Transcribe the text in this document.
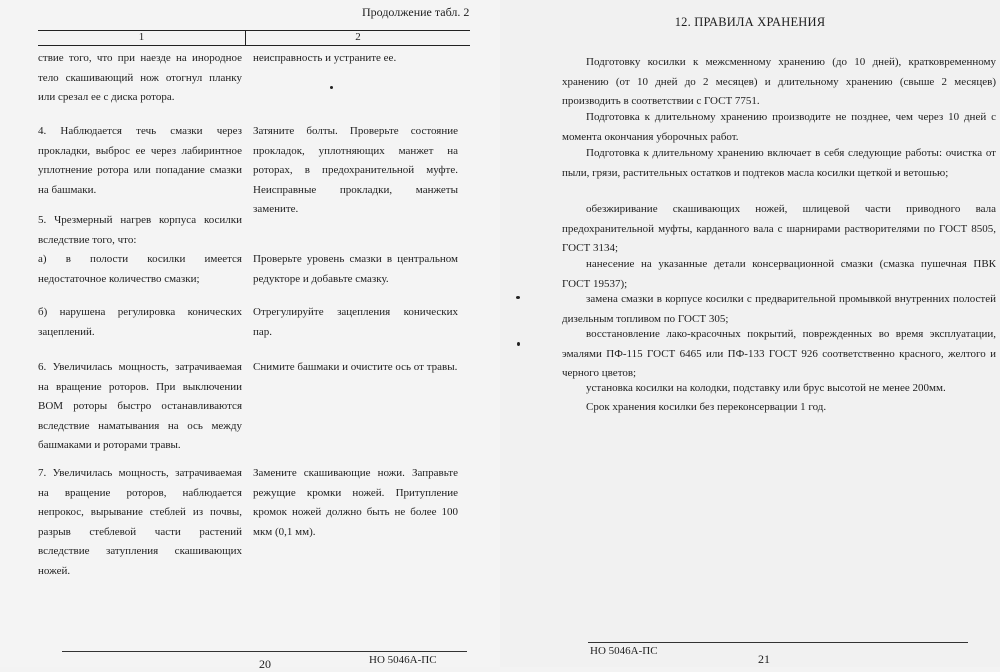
Продолжение табл. 2
1	2

ствие того, что при наезде на инородное тело скашивающий нож отогнул планку или срезал ее с диска ротора.

неисправность и устраните ее.

4. Наблюдается течь смазки через прокладки, выброс ее через лабиринтное уплотнение ротора или попадание смазки на башмаки.

Затяните болты. Проверьте состояние прокладок, уплотняющих манжет на роторах, в предохранительной муфте. Неисправные прокладки, манжеты замените.

5. Чрезмерный нагрев корпуса косилки вследствие того, что:

а) в полости косилки имеется недостаточное количество смазки;

Проверьте уровень смазки в центральном редукторе и добавьте смазку.

б) нарушена регулировка конических зацеплений.

Отрегулируйте зацепления конических пар.

6. Увеличилась мощность, затрачиваемая на вращение роторов. При выключении ВОМ роторы быстро останавливаются вследствие наматывания на ось между башмаками и роторами травы.

Снимите башмаки и очистите ось от травы.

7. Увеличилась мощность, затрачиваемая на вращение роторов, наблюдается непрокос, вырывание стеблей из почвы, разрыв стеблевой части растений вследствие затупления скашивающих ножей.

Замените скашивающие ножи. Заправьте режущие кромки ножей. Притупление кромок ножей должно быть не более 100 мкм (0,1 мм).

20	НО 5046А-ПС
12. ПРАВИЛА ХРАНЕНИЯ

Подготовку косилки к межсменному хранению (до 10 дней), кратковременному хранению (от 10 дней до 2 месяцев) и длительному хранению (свыше 2 месяцев) производить в соответствии с ГОСТ 7751.

Подготовка к длительному хранению производите не позднее, чем через 10 дней с момента окончания уборочных работ.

Подготовка к длительному хранению включает в себя следующие работы: очистка от пыли, грязи, растительных остатков и подтеков масла косилки щеткой и ветошью;

обезжиривание скашивающих ножей, шлицевой части приводного вала предохранительной муфты, карданного вала с шарнирами растворителями по ГОСТ 8505, ГОСТ 3134;

нанесение на указанные детали консервационной смазки (смазка пушечная ПВК ГОСТ 19537);

замена смазки в корпусе косилки с предварительной промывкой внутренних полостей дизельным топливом по ГОСТ 305;

восстановление лако-красочных покрытий, поврежденных во время эксплуатации, эмалями ПФ-115 ГОСТ 6465 или ПФ-133 ГОСТ 926 соответственно красного, желтого и черного цветов;

установка косилки на колодки, подставку или брус высотой не менее 200мм.

Срок хранения косилки без переконсервации 1 год.

НО 5046А-ПС
21
